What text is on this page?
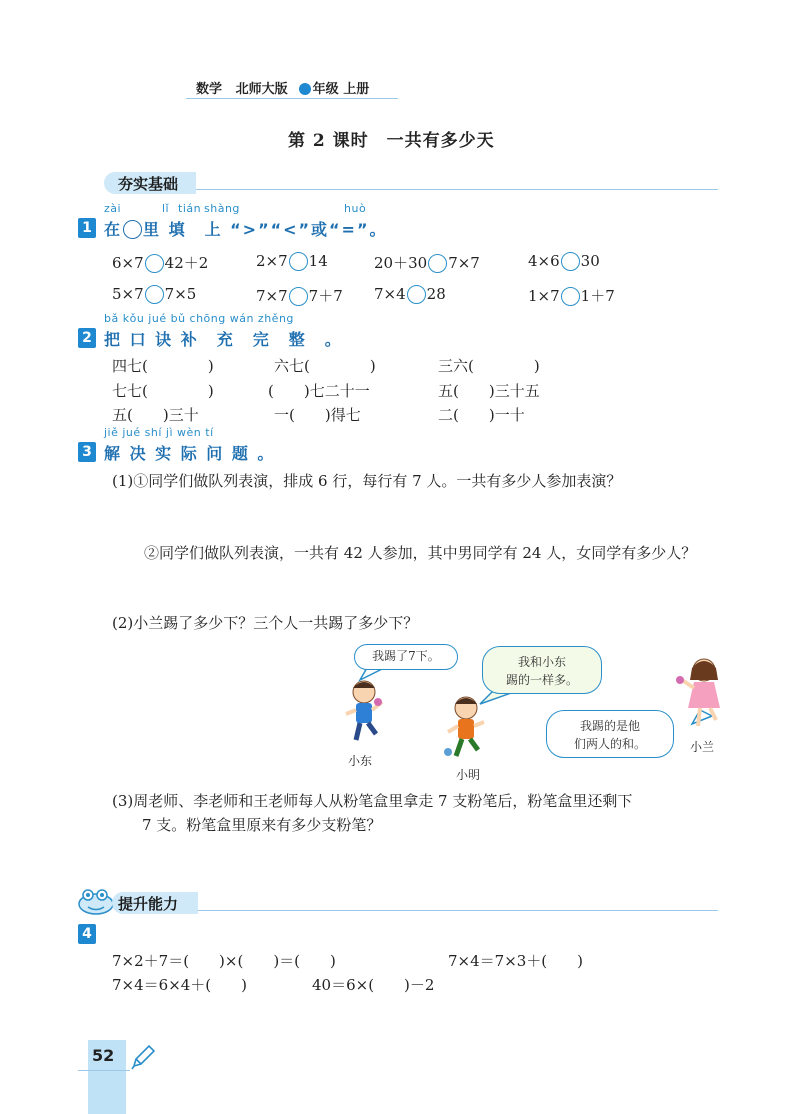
数学 北师大版 年级 上册
第 2 课时　一共有多少天
夯实基础
zài	lǐ tián shàng	huò
1 在 里 填　上 “>”“<”或“=”。
6×7 42＋2	2×7 14	20＋30 7×7	4×6 30
5×7 7×5	7×7 7＋7 7×4 28	1×7 1＋7
bǎ kǒu jué bǔ chōng wán zhěng
2 把 口 诀 补　充　完　整　。
四七(　　　　)	六七(　　　　)	三六(　　　　)
七七(　　　　)	(　　)七二十一	五(　　)三十五
五(　　)三十	一(　　)得七	二(　　)一十
jiě jué shí jì wèn tí
3 解 决 实 际 问 题 。
(1)①同学们做队列表演，排成 6 行，每行有 7 人。一共有多少人参加表演？
②同学们做队列表演，一共有 42 人参加，其中男同学有 24 人，女同学有多少人？
(2)小兰踢了多少下？三个人一共踢了多少下？
我踢了7下。	我和小东
踢的一样多。
我踢的是他
们两人的和。
小东
小明
小兰
(3)周老师、李老师和王老师每人从粉笔盒里拿走 7 支粉笔后，粉笔盒里还剩下
7 支。粉笔盒里原来有多少支粉笔？
提升能力
4
7×2＋7＝(　　)×(　　)＝(　　)	7×4＝7×3＋(　　)
7×4＝6×4＋(　　)	40＝6×(　　)－2
52
